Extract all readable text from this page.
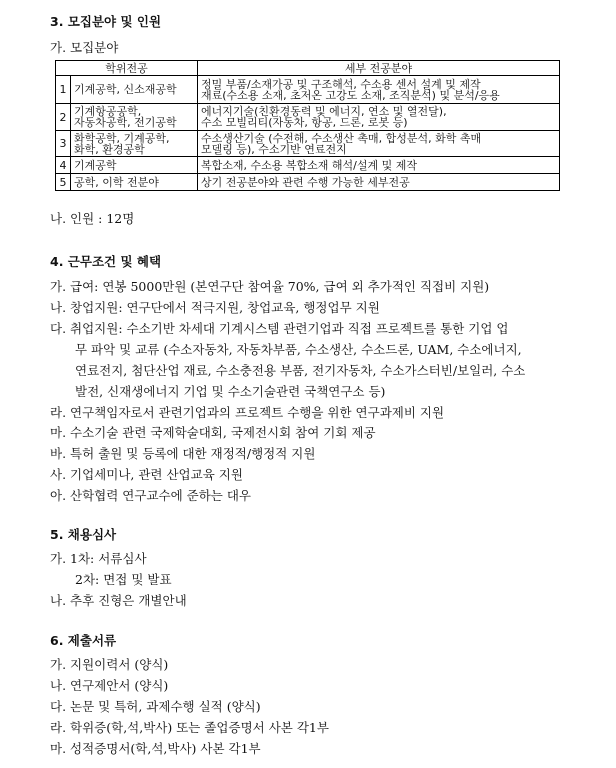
3. 모집분야 및 인원
가. 모집분야
학위전공		세부 전공분야
1	기계공학, 신소재공학	정밀 부품/소재가공 및 구조해석, 수소용 센서 설계 및 제작
재료(수소용 소재, 초저온 고강도 소재, 조직분석) 및 분석/응용

2	기계항공공학,
자동차공학, 전기공학	에너지기술(친환경동력 및 에너지, 연소 및 열전달),
수소 모빌리티(자동차, 항공, 드론, 로봇 등)

3	화학공학, 기계공학,
화학, 환경공학	수소생산기술 (수전해, 수소생산 촉매, 합성분석, 화학 촉매
모델링 등), 수소기반 연료전지

4	기계공학	복합소재, 수소용 복합소재 해석/설계 및 제작

5	공학, 이학 전분야	상기 전공분야와 관련 수행 가능한 세부전공
나. 인원 : 12명
4. 근무조건 및 혜택
가. 급여: 연봉 5000만원 (본연구단 참여율 70%, 급여 외 추가적인 직접비 지원)
나. 창업지원: 연구단에서 적극지원, 창업교육, 행정업무 지원
다. 취업지원: 수소기반 차세대 기계시스템 관련기업과 직접 프로젝트를 통한 기업 업
무 파악 및 교류 (수소자동차, 자동차부품, 수소생산, 수소드론, UAM, 수소에너지,
연료전지, 첨단산업 재료, 수소충전용 부품, 전기자동차, 수소가스터빈/보일러, 수소
발전, 신재생에너지 기업 및 수소기술관련 국책연구소 등)
라. 연구책임자로서 관련기업과의 프로젝트 수행을 위한 연구과제비 지원
마. 수소기술 관련 국제학술대회, 국제전시회 참여 기회 제공
바. 특허 출원 및 등록에 대한 재정적/행정적 지원
사. 기업세미나, 관련 산업교육 지원
아. 산학협력 연구교수에 준하는 대우
5. 채용심사
가. 1차: 서류심사
2차: 면접 및 발표
나. 추후 진형은 개별안내
6. 제출서류
가. 지원이력서 (양식)
나. 연구제안서 (양식)
다. 논문 및 특허, 과제수행 실적 (양식)
라. 학위증(학,석,박사) 또는 졸업증명서 사본 각1부
마. 성적증명서(학,석,박사) 사본 각1부
